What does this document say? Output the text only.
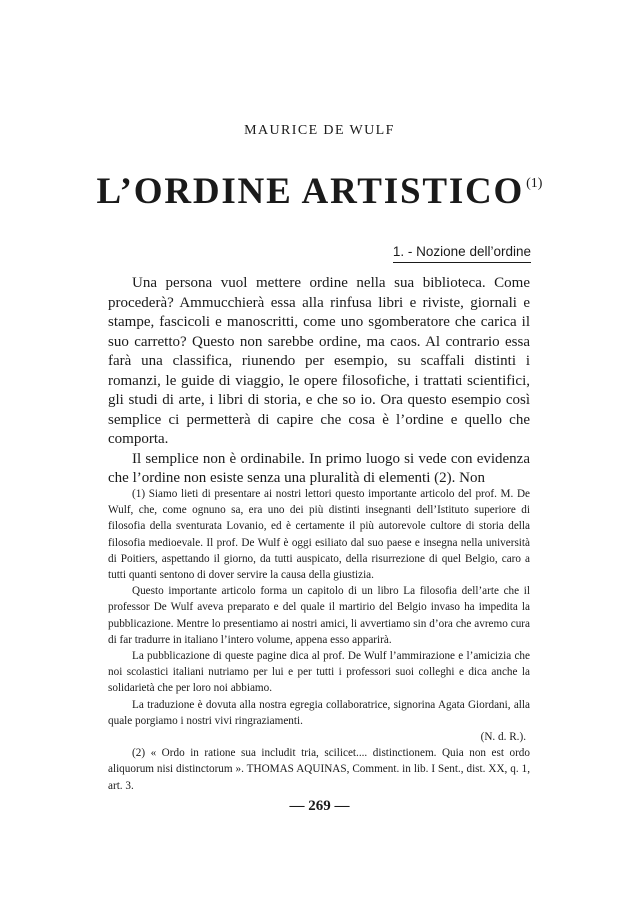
MAURICE DE WULF
L’ORDINE ARTISTICO $^{(1)}$
1. - Nozione dell’ordine

Una persona vuol mettere ordine nella sua biblioteca. Come procederà? Ammucchierà essa alla rinfusa libri e riviste, giornali e stampe, fascicoli e manoscritti, come uno sgomberatore che carica il suo carretto? Questo non sarebbe ordine, ma caos. Al contrario essa farà una classifica, riunendo per esempio, su scaffali distinti i romanzi, le guide di viaggio, le opere filosofiche, i trattati scientifici, gli studi di arte, i libri di storia, e che so io. Ora questo esempio così semplice ci permetterà di capire che cosa è l’ordine e quello che comporta.

Il semplice non è ordinabile. In primo luogo si vede con evidenza che l’ordine non esiste senza una pluralità di elementi (2). Non

(1) Siamo lieti di presentare ai nostri lettori questo importante articolo del prof. M. De Wulf, che, come ognuno sa, era uno dei più distinti insegnanti dell’Istituto superiore di filosofia della sventurata Lovanio, ed è certamente il più autorevole cultore di storia della filosofia medioevale. Il prof. De Wulf è oggi esiliato dal suo paese e insegna nella università di Poitiers, aspettando il giorno, da tutti auspicato, della risurrezione di quel Belgio, caro a tutti quanti sentono di dover servire la causa della giustizia.

Questo importante articolo forma un capitolo di un libro La filosofia dell’arte che il professor De Wulf aveva preparato e del quale il martirio del Belgio invaso ha impedita la pubblicazione. Mentre lo presentiamo ai nostri amici, li avvertiamo sin d’ora che avremo cura di far tradurre in italiano l’intero volume, appena esso apparirà.

La pubblicazione di queste pagine dica al prof. De Wulf l’ammirazione e l’amicizia che noi scolastici italiani nutriamo per lui e per tutti i professori suoi colleghi e dica anche la solidarietà che per loro noi abbiamo.

La traduzione è dovuta alla nostra egregia collaboratrice, signorina Agata Giordani, alla quale porgiamo i nostri vivi ringraziamenti.

(N. d. R.).

(2) « Ordo in ratione sua includit tria, scilicet.... distinctionem. Quia non est ordo aliquorum nisi distinctorum ». THOMAS AQUINAS, Comment. in lib. I Sent., dist. XX, q. 1, art. 3.

— 269 —
